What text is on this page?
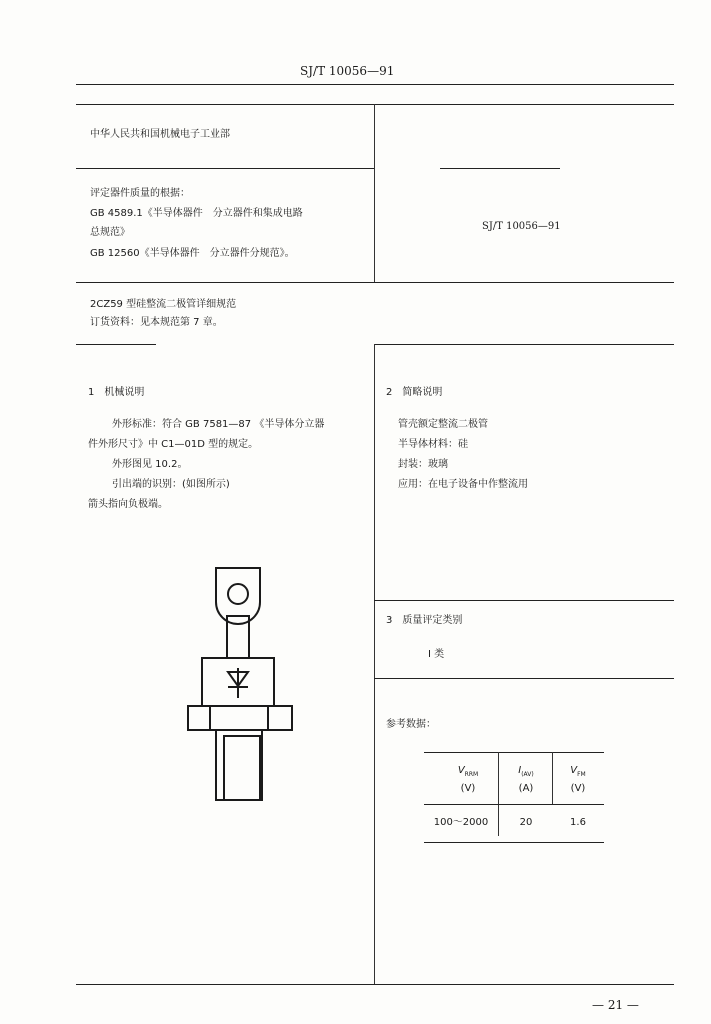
SJ/T 10056—91
中华人民共和国机械电子工业部
评定器件质量的根据：
GB 4589.1《半导体器件　分立器件和集成电路
总规范》
GB 12560《半导体器件　分立器件分规范》。
SJ/T 10056—91
2CZ59 型硅整流二极管详细规范
订货资料：见本规范第 7 章。
1　机械说明
外形标准：符合 GB 7581—87 《半导体分立器
件外形尺寸》中 C1—01D 型的规定。
外形图见 10.2。
引出端的识别：(如图所示)
箭头指向负极端。
2　简略说明
管壳额定整流二极管
半导体材料：硅
封装：玻璃
应用：在电子设备中作整流用
3　质量评定类别
I 类
参考数据：
$V_{RRM}$
(V)
$I_{(AV)}$
(A)
$V_{FM}$
(V)
100～2000	20	1.6
— 21 —
